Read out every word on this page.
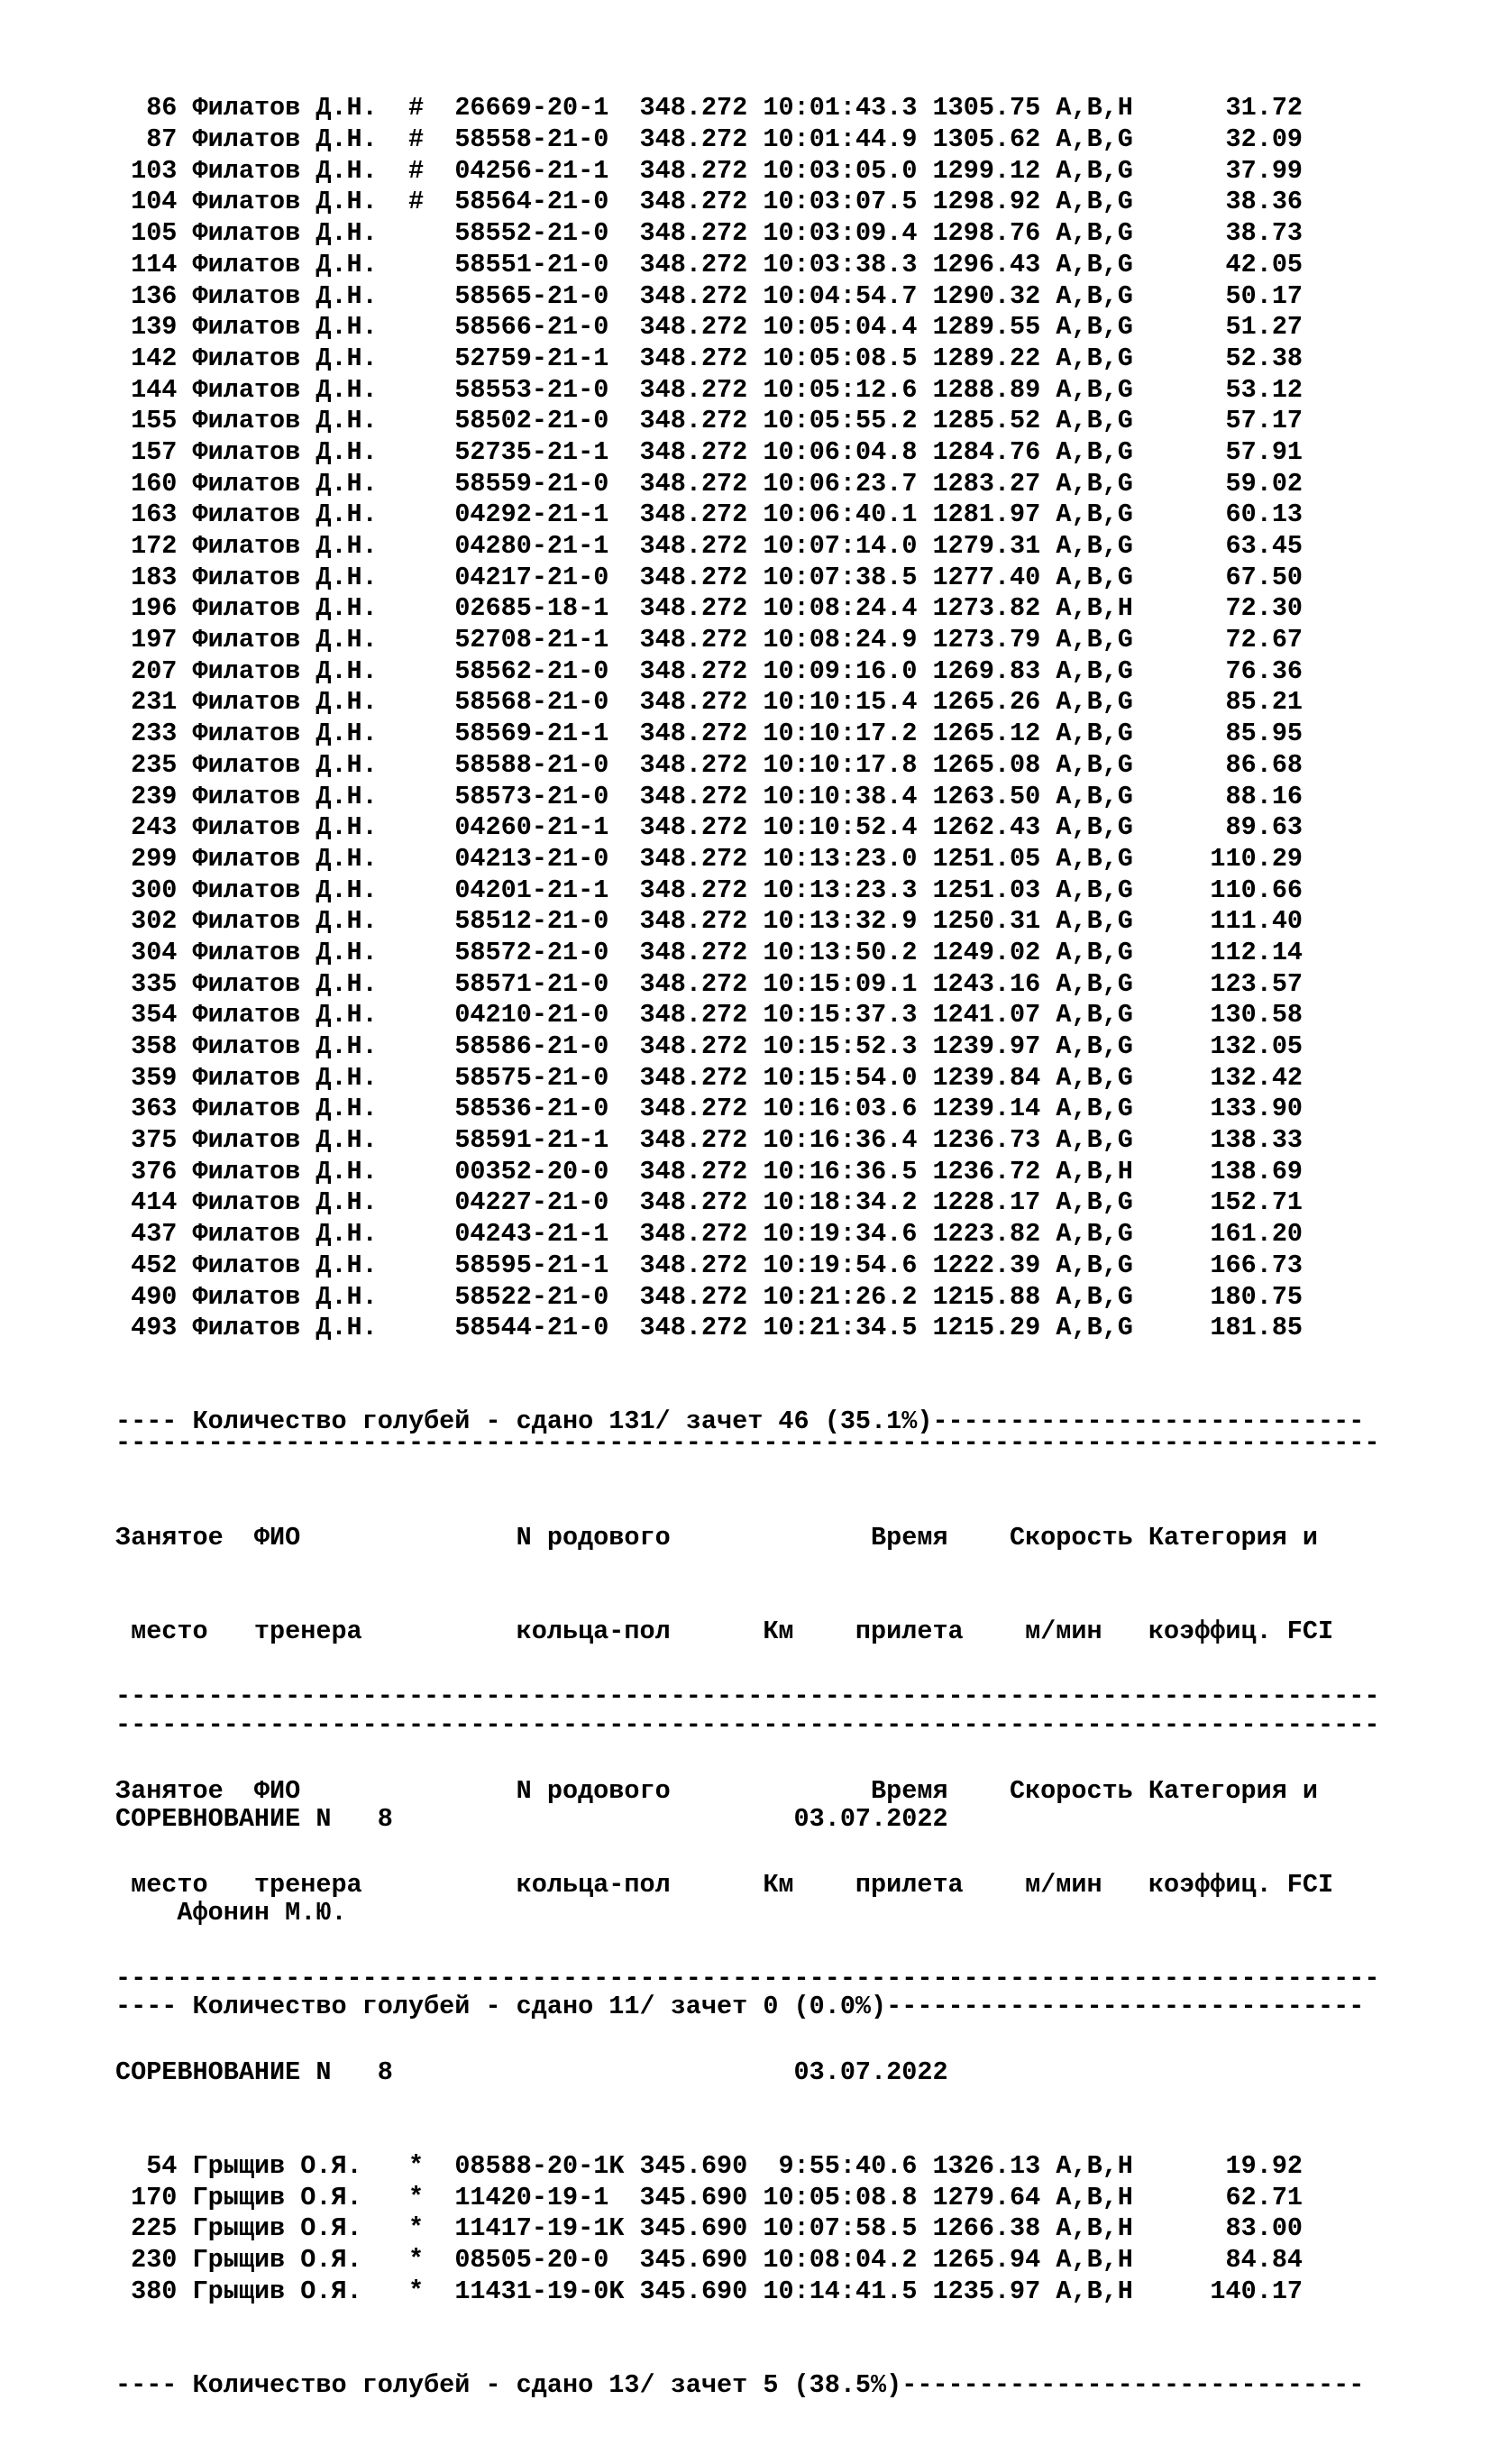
86 Филатов Д.Н.  #  26669-20-1  348.272 10:01:43.3 1305.75 A,B,H      31.72
87 Филатов Д.Н.  #  58558-21-0  348.272 10:01:44.9 1305.62 A,B,G      32.09
103 Филатов Д.Н.  #  04256-21-1  348.272 10:03:05.0 1299.12 A,B,G      37.99
104 Филатов Д.Н.  #  58564-21-0  348.272 10:03:07.5 1298.92 A,B,G      38.36
105 Филатов Д.Н.     58552-21-0  348.272 10:03:09.4 1298.76 A,B,G      38.73
114 Филатов Д.Н.     58551-21-0  348.272 10:03:38.3 1296.43 A,B,G      42.05
136 Филатов Д.Н.     58565-21-0  348.272 10:04:54.7 1290.32 A,B,G      50.17
139 Филатов Д.Н.     58566-21-0  348.272 10:05:04.4 1289.55 A,B,G      51.27
142 Филатов Д.Н.     52759-21-1  348.272 10:05:08.5 1289.22 A,B,G      52.38
144 Филатов Д.Н.     58553-21-0  348.272 10:05:12.6 1288.89 A,B,G      53.12
155 Филатов Д.Н.     58502-21-0  348.272 10:05:55.2 1285.52 A,B,G      57.17
157 Филатов Д.Н.     52735-21-1  348.272 10:06:04.8 1284.76 A,B,G      57.91
160 Филатов Д.Н.     58559-21-0  348.272 10:06:23.7 1283.27 A,B,G      59.02
163 Филатов Д.Н.     04292-21-1  348.272 10:06:40.1 1281.97 A,B,G      60.13
172 Филатов Д.Н.     04280-21-1  348.272 10:07:14.0 1279.31 A,B,G      63.45
183 Филатов Д.Н.     04217-21-0  348.272 10:07:38.5 1277.40 A,B,G      67.50
196 Филатов Д.Н.     02685-18-1  348.272 10:08:24.4 1273.82 A,B,H      72.30
197 Филатов Д.Н.     52708-21-1  348.272 10:08:24.9 1273.79 A,B,G      72.67
207 Филатов Д.Н.     58562-21-0  348.272 10:09:16.0 1269.83 A,B,G      76.36
231 Филатов Д.Н.     58568-21-0  348.272 10:10:15.4 1265.26 A,B,G      85.21
233 Филатов Д.Н.     58569-21-1  348.272 10:10:17.2 1265.12 A,B,G      85.95
235 Филатов Д.Н.     58588-21-0  348.272 10:10:17.8 1265.08 A,B,G      86.68
239 Филатов Д.Н.     58573-21-0  348.272 10:10:38.4 1263.50 A,B,G      88.16
243 Филатов Д.Н.     04260-21-1  348.272 10:10:52.4 1262.43 A,B,G      89.63
299 Филатов Д.Н.     04213-21-0  348.272 10:13:23.0 1251.05 A,B,G     110.29
300 Филатов Д.Н.     04201-21-1  348.272 10:13:23.3 1251.03 A,B,G     110.66
302 Филатов Д.Н.     58512-21-0  348.272 10:13:32.9 1250.31 A,B,G     111.40
304 Филатов Д.Н.     58572-21-0  348.272 10:13:50.2 1249.02 A,B,G     112.14
335 Филатов Д.Н.     58571-21-0  348.272 10:15:09.1 1243.16 A,B,G     123.57
354 Филатов Д.Н.     04210-21-0  348.272 10:15:37.3 1241.07 A,B,G     130.58
358 Филатов Д.Н.     58586-21-0  348.272 10:15:52.3 1239.97 A,B,G     132.05
359 Филатов Д.Н.     58575-21-0  348.272 10:15:54.0 1239.84 A,B,G     132.42
363 Филатов Д.Н.     58536-21-0  348.272 10:16:03.6 1239.14 A,B,G     133.90
375 Филатов Д.Н.     58591-21-1  348.272 10:16:36.4 1236.73 A,B,G     138.33
376 Филатов Д.Н.     00352-20-0  348.272 10:16:36.5 1236.72 A,B,H     138.69
414 Филатов Д.Н.     04227-21-0  348.272 10:18:34.2 1228.17 A,B,G     152.71
437 Филатов Д.Н.     04243-21-1  348.272 10:19:34.6 1223.82 A,B,G     161.20
452 Филатов Д.Н.     58595-21-1  348.272 10:19:54.6 1222.39 A,B,G     166.73
490 Филатов Д.Н.     58522-21-0  348.272 10:21:26.2 1215.88 A,B,G     180.75
493 Филатов Д.Н.     58544-21-0  348.272 10:21:34.5 1215.29 A,B,G     181.85

---- Количество голубей - сдано 131/ зачет 46 (35.1%)----------------------------

----------------------------------------------------------------------------------

Занятое  ФИО              N родового             Время    Скорость Категория и

место   тренера          кольца-пол      Км    прилета    м/мин   коэффиц. FCI

----------------------------------------------------------------------------------

СОРЕВНОВАНИЕ N   8                          03.07.2022

Афонин М.Ю.

---- Количество голубей - сдано 11/ зачет 0 (0.0%)-------------------------------

----------------------------------------------------------------------------------

Занятое  ФИО              N родового             Время    Скорость Категория и

место   тренера          кольца-пол      Км    прилета    м/мин   коэффиц. FCI

----------------------------------------------------------------------------------

СОРЕВНОВАНИЕ N   8                          03.07.2022

54 Грыщив О.Я.   *  08588-20-1K 345.690  9:55:40.6 1326.13 A,B,H      19.92
170 Грыщив О.Я.   *  11420-19-1  345.690 10:05:08.8 1279.64 A,B,H      62.71
225 Грыщив О.Я.   *  11417-19-1K 345.690 10:07:58.5 1266.38 A,B,H      83.00
230 Грыщив О.Я.   *  08505-20-0  345.690 10:08:04.2 1265.94 A,B,H      84.84
380 Грыщив О.Я.   *  11431-19-0K 345.690 10:14:41.5 1235.97 A,B,H     140.17

---- Количество голубей - сдано 13/ зачет 5 (38.5%)------------------------------
